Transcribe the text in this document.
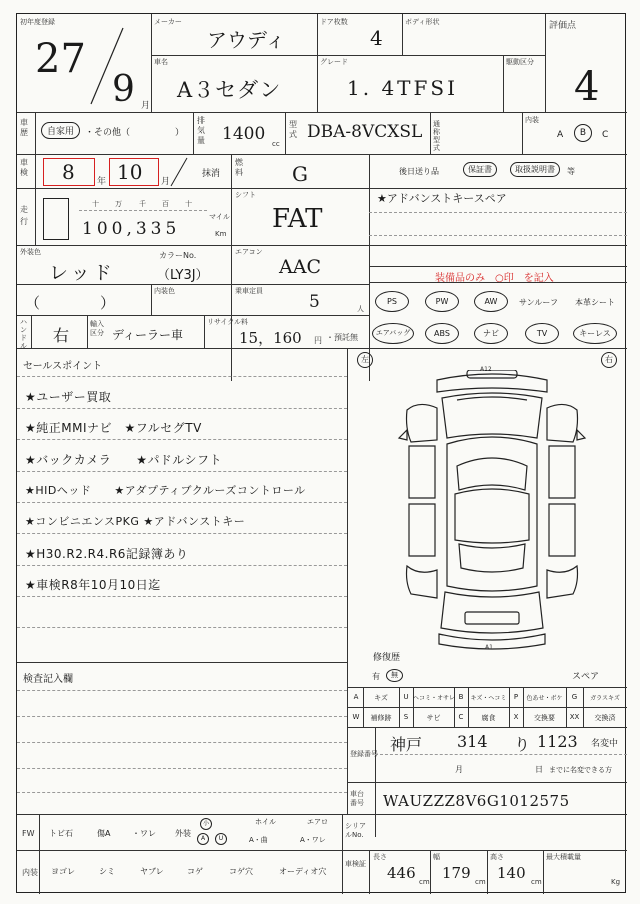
初年度登録
27
9 月
メーカー
アウディ
ドア枚数
4
ボディ形状	評価点
4
車名
A３セダン
グレード
1. 4TFSI
駆動区分
車歴	自家用	・その他（　　　　　）
排気量 1400 cc
型式 DBA-8VCXSL 通称型式
内装
A	B	C
車検 8 年 10 月
抹消
燃料 G	後日送り品	保証書	取扱説明書	等
走行
十 万 千 百 十
100,335
マイル
Km
シフト
FAT
★アドバンストキースペア
外装色
レッド
カラーNo.
（LY3J）
エアコン
AAC
装備品のみ　○印　を記入
（　　　　）
内装色	乗車定員
5	人
PS	PW	AW	サンルーフ 本革シート
ハンドル
右
輸入区分 ディーラー車
リサイクル料
15，160 円 ・預託無	エアバッグ	ABS	ナビ	TV	キーレス
セールスポイント
★ユーザー買取
★純正MMIナビ　★フルセグTV
★バックカメラ　　★パドルシフト
★HIDヘッド　　★アダプティブクルーズコントロール
★コンビニエンスPKG ★アドバンストキー
★H30.R2.R4.R6記録簿あり
★車検R8年10月10日迄
検査記入欄
左	右
A12
A1
修復歴
有	無	スペア
A	キズ	U ヘコミ・オサレ B	キズ・ヘコミ	P	色あせ・ボケ	G	ガラスキズ
W	補修跡	S	サビ	C	腐食	X	交換要	XX	交換済
登録番号 神戸 314 り 1123 名変中
月	日 までに名変できる方
車台番号	WAUZZZ8V6G1012575
FW トビ石	傷A	・ワレ 外装
小
A	U
ホイル
A・曲
エアロ
A・ワレ
シリアルNo.
内装 ヨゴレ	シミ	ヤブレ	コゲ	コゲ穴	オーディオ穴
車検証
長さ
446 cm
幅
179 cm
高さ
140 cm
最大積載量
Kg
